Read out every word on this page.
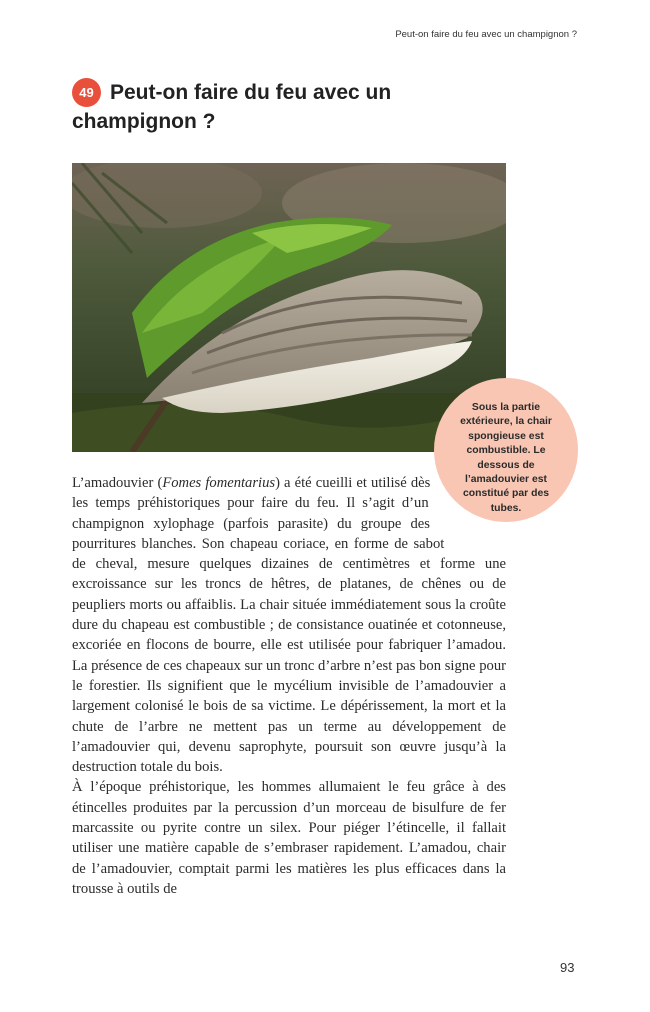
Peut-on faire du feu avec un champignon ?
49 Peut-on faire du feu avec un champignon ?
Sous la partie extérieure, la chair spongieuse est combustible. Le dessous de l’amadouvier est constitué par des tubes.

L’amadouvier (Fomes fomentarius) a été cueilli et utilisé dès les temps préhistoriques pour faire du feu. Il s’agit d’un champignon xylophage (parfois parasite) du groupe des pourritures blanches. Son chapeau coriace, en forme de sabot de cheval, mesure quelques dizaines de centimètres et forme une excroissance sur les troncs de hêtres, de platanes, de chênes ou de peupliers morts ou affaiblis. La chair située immédiatement sous la croûte dure du chapeau est combustible ; de consistance ouatinée et cotonneuse, excoriée en flocons de bourre, elle est utilisée pour fabriquer l’amadou. La présence de ces chapeaux sur un tronc d’arbre n’est pas bon signe pour le forestier. Ils signifient que le mycélium invisible de l’amadouvier a largement colonisé le bois de sa victime. Le dépérissement, la mort et la chute de l’arbre ne mettent pas un terme au développement de l’amadouvier qui, devenu saprophyte, poursuit son œuvre jusqu’à la destruction totale du bois.

À l’époque préhistorique, les hommes allumaient le feu grâce à des étincelles produites par la percussion d’un morceau de bisulfure de fer marcassite ou pyrite contre un silex. Pour piéger l’étincelle, il fallait utiliser une matière capable de s’embraser rapidement. L’amadou, chair de l’amadouvier, comptait parmi les matières les plus efficaces dans la trousse à outils de

93
